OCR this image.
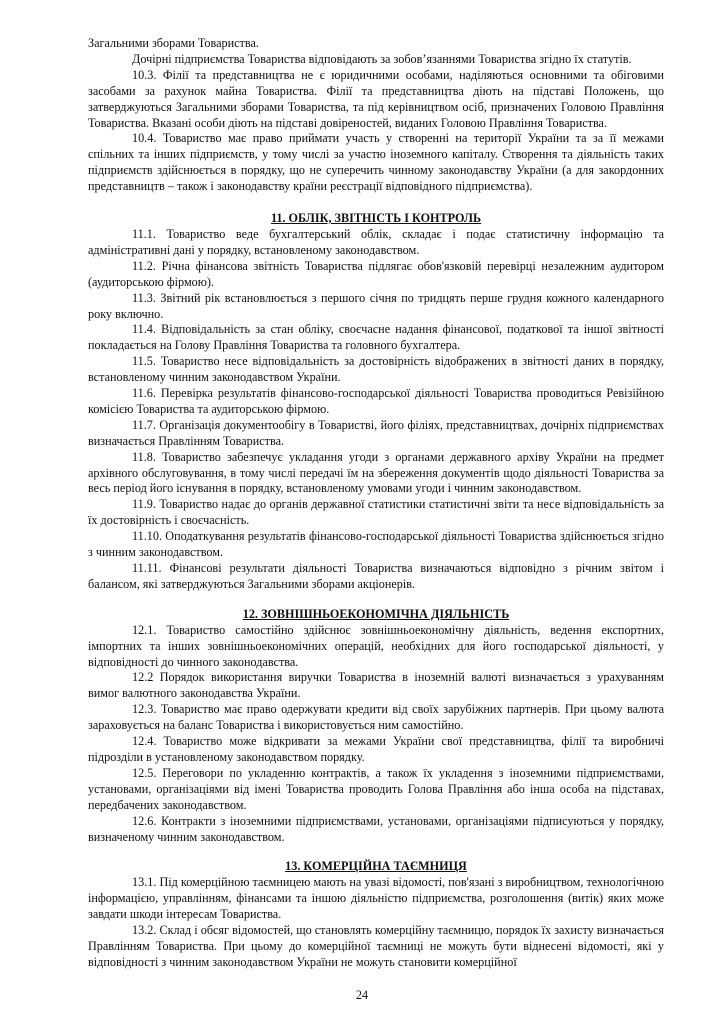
Загальними зборами Товариства.

Дочірні підприємства Товариства відповідають за зобов’язаннями Товариства згідно їх статутів.

10.3. Філії та представництва не є юридичними особами, наділяються основними та обіговими засобами за рахунок майна Товариства. Філії та представництва діють на підставі Положень, що затверджуються Загальними зборами Товариства, та під керівництвом осіб, призначених Головою Правління Товариства. Вказані особи діють на підставі довіреностей, виданих Головою Правління Товариства.

10.4. Товариство має право приймати участь у створенні на території України та за її межами спільних та інших підприємств, у тому числі за участю іноземного капіталу. Створення та діяльність таких підприємств здійснюється в порядку, що не суперечить чинному законодавству України (а для закордонних представництв – також і законодавству країни реєстрації відповідного підприємства).

11. ОБЛІК, ЗВІТНІСТЬ І КОНТРОЛЬ

11.1. Товариство веде бухгалтерський облік, складає і подає статистичну інформацію та адміністративні дані у порядку, встановленому законодавством.

11.2. Річна фінансова звітність Товариства підлягає обов'язковій перевірці незалежним аудитором (аудиторською фірмою).

11.3. Звітний рік встановлюється з першого січня по тридцять перше грудня кожного календарного року включно.

11.4. Відповідальність за стан обліку, своєчасне надання фінансової, податкової та іншої звітності покладається на Голову Правління Товариства та головного бухгалтера.

11.5. Товариство несе відповідальність за достовірність відображених в звітності даних в порядку, встановленому чинним законодавством України.

11.6. Перевірка результатів фінансово-господарської діяльності Товариства проводиться Ревізійною комісією Товариства та аудиторською фірмою.

11.7. Організація документообігу в Товаристві, його філіях, представництвах, дочірніх підприємствах визначається Правлінням Товариства.

11.8. Товариство забезпечує укладання угоди з органами державного архіву України на предмет архівного обслуговування, в тому числі передачі їм на збереження документів щодо діяльності Товариства за весь період його існування в порядку, встановленому умовами угоди і чинним законодавством.

11.9. Товариство надає до органів державної статистики статистичні звіти та несе відповідальність за їх достовірність і своєчасність.

11.10. Оподаткування результатів фінансово-господарської діяльності Товариства здійснюється згідно з чинним законодавством.

11.11. Фінансові результати діяльності Товариства визначаються відповідно з річним звітом і балансом, які затверджуються Загальними зборами акціонерів.

12. ЗОВНІШНЬОЕКОНОМІЧНА ДІЯЛЬНІСТЬ

12.1. Товариство самостійно здійснює зовнішньоекономічну діяльність, ведення експортних, імпортних та інших зовнішньоекономічних операцій, необхідних для його господарської діяльності, у відповідності до чинного законодавства.

12.2 Порядок використання виручки Товариства в іноземній валюті визначається з урахуванням вимог валютного законодавства України.

12.3. Товариство має право одержувати кредити від своїх зарубіжних партнерів. При цьому валюта зараховується на баланс Товариства і використовується ним самостійно.

12.4. Товариство може відкривати за межами України свої представництва, філії та виробничі підрозділи в установленому законодавством порядку.

12.5. Переговори по укладенню контрактів, а також їх укладення з іноземними підприємствами, установами, організаціями від імені Товариства проводить Голова Правління або інша особа на підставах, передбачених законодавством.

12.6. Контракти з іноземними підприємствами, установами, організаціями підписуються у порядку, визначеному чинним законодавством.

13. КОМЕРЦІЙНА ТАЄМНИЦЯ

13.1. Під комерційною таємницею мають на увазі відомості, пов'язані з виробництвом, технологічною інформацією, управлінням, фінансами та іншою діяльністю підприємства, розголошення (витік) яких може завдати шкоди інтересам Товариства.

13.2. Склад і обсяг відомостей, що становлять комерційну таємницю, порядок їх захисту визначається Правлінням Товариства. При цьому до комерційної таємниці не можуть бути віднесені відомості, які у відповідності з чинним законодавством України не можуть становити комерційної

24
